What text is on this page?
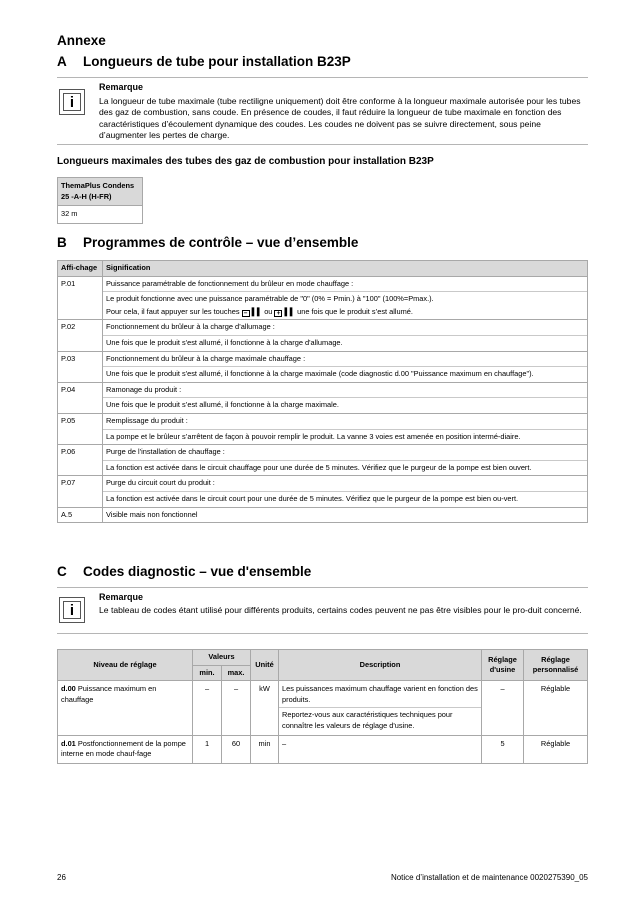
Annexe
A	Longueurs de tube pour installation B23P
i
Remarque
La longueur de tube maximale (tube rectiligne uniquement) doit être conforme à la longueur maximale autorisée pour les tubes des gaz de combustion, sans coude. En présence de coudes, il faut réduire la longueur de tube maximale en fonction des caractéristiques d’écoulement dynamique des coudes. Les coudes ne doivent pas se suivre directement, sous peine d’augmenter les pertes de charge.
Longueurs maximales des tubes des gaz de combustion pour installation B23P
ThemaPlus Condens 25 -A-H (H-FR)
32 m
B	Programmes de contrôle – vue d’ensemble
Affi-chage	Signification
P.01	Puissance paramétrable de fonctionnement du brûleur en mode chauffage :
Le produit fonctionne avec une puissance paramétrable de "0" (0% = Pmin.) à "100" (100%=Pmax.).
Pour cela, il faut appuyer sur les touches − ▌▌ ou + ▌▌ une fois que le produit s’est allumé.

P.02	Fonctionnement du brûleur à la charge d’allumage :
Une fois que le produit s'est allumé, il fonctionne à la charge d'allumage.

P.03	Fonctionnement du brûleur à la charge maximale chauffage :
Une fois que le produit s'est allumé, il fonctionne à la charge maximale (code diagnostic d.00 "Puissance maximum en chauffage").

P.04	Ramonage du produit :
Une fois que le produit s’est allumé, il fonctionne à la charge maximale.

P.05	Remplissage du produit :
La pompe et le brûleur s’arrêtent de façon à pouvoir remplir le produit. La vanne 3 voies est amenée en position intermé-diaire.

P.06	Purge de l'installation de chauffage :
La fonction est activée dans le circuit chauffage pour une durée de 5 minutes. Vérifiez que le purgeur de la pompe est bien ouvert.

P.07	Purge du circuit court du produit :
La fonction est activée dans le circuit court pour une durée de 5 minutes. Vérifiez que le purgeur de la pompe est bien ou-vert.

A.5	Visible mais non fonctionnel
C	Codes diagnostic – vue d'ensemble
i
Remarque
Le tableau de codes étant utilisé pour différents produits, certains codes peuvent ne pas être visibles pour le pro-duit concerné.
Niveau de réglage	Valeurs		Unité	Description	Réglage d'usine	Réglage personnalisé
	min.	max.				
d.00 Puissance maximum en chauffage	–	–	kW	Les puissances maximum chauffage varient en fonction des produits.
Reportez-vous aux caractéristiques techniques pour connaître les valeurs de réglage d'usine.	–	Réglable
d.01 Postfonctionnement de la pompe interne en mode chauf-fage	1	60	min	–	5	Réglable
26	Notice d’installation et de maintenance 0020275390_05
